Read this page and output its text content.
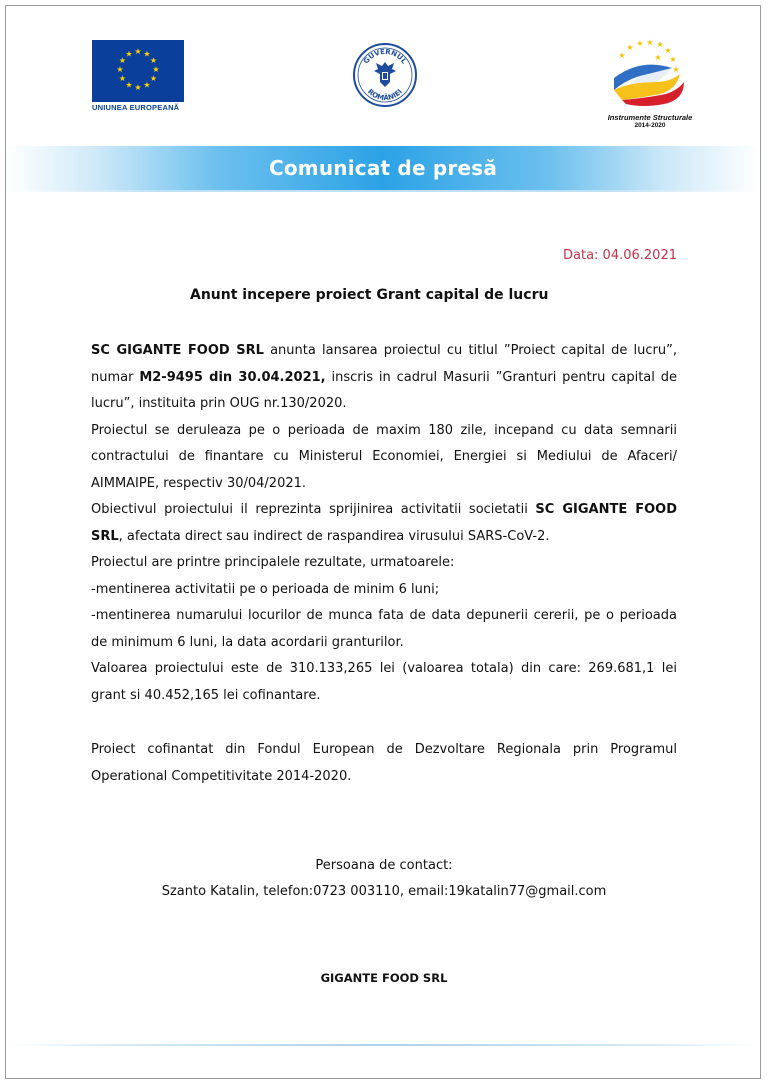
★ ★
★
★
★
★
★
★
★
★
★
★
UNIUNEA EUROPEANĂ
GUVERNUL
ROMÂNIEI
★ ★ ★ ★
★
★	★
★
★
Instrumente Structurale
2014-2020
Comunicat de presă
Data: 04.06.2021
Anunt incepere proiect Grant capital de lucru

SC GIGANTE FOOD SRL anunta lansarea proiectul cu titlul ”Proiect capital de lucru”, numar M2-9495 din 30.04.2021, inscris in cadrul Masurii ”Granturi pentru capital de lucru”, instituita prin OUG nr.130/2020.

Proiectul se deruleaza pe o perioada de maxim 180 zile, incepand cu data semnarii contractului de finantare cu Ministerul Economiei, Energiei si Mediului de Afaceri/ AIMMAIPE, respectiv 30/04/2021.

Obiectivul proiectului il reprezinta sprijinirea activitatii societatii SC GIGANTE FOOD SRL, afectata direct sau indirect de raspandirea virusului SARS-CoV-2.

Proiectul are printre principalele rezultate, urmatoarele:

-mentinerea activitatii pe o perioada de minim 6 luni;

-mentinerea numarului locurilor de munca fata de data depunerii cererii, pe o perioada de minimum 6 luni, la data acordarii granturilor.

Valoarea proiectului este de 310.133,265 lei (valoarea totala) din care: 269.681,1 lei grant si 40.452,165 lei cofinantare.

Proiect cofinantat din Fondul European de Dezvoltare Regionala prin Programul Operational Competitivitate 2014-2020.
Persoana de contact:
Szanto Katalin, telefon:0723 003110, email:19katalin77@gmail.com
GIGANTE FOOD SRL
